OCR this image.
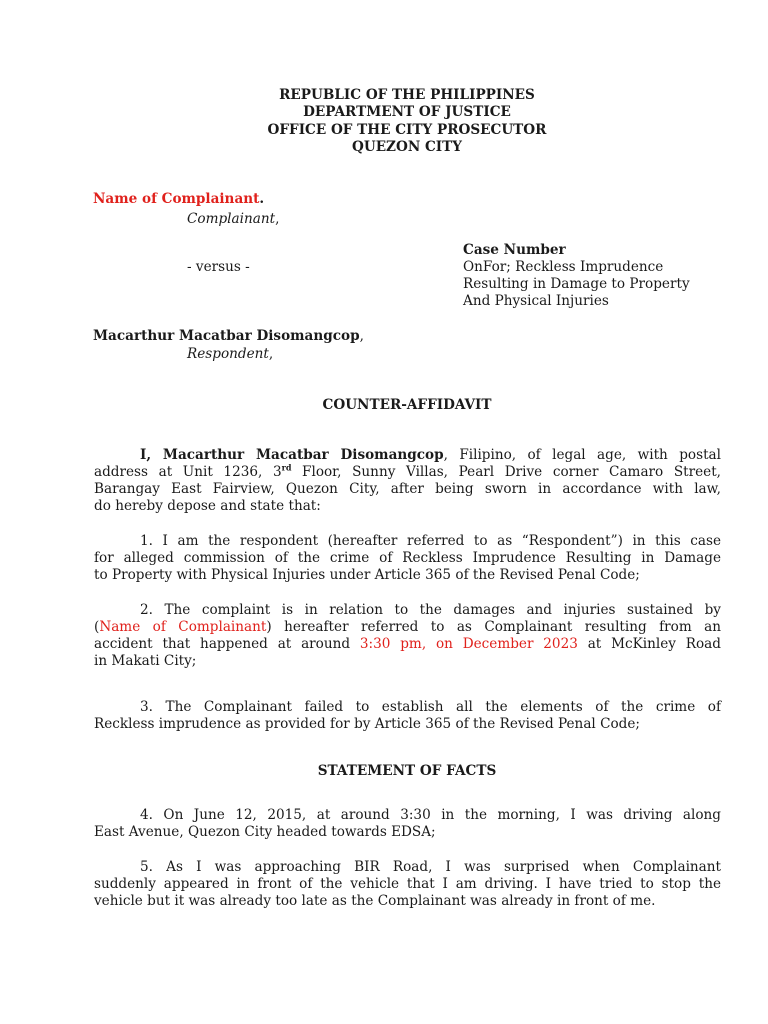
REPUBLIC OF THE PHILIPPINES
DEPARTMENT OF JUSTICE
OFFICE OF THE CITY PROSECUTOR
QUEZON CITY
Name of Complainant.
Complainant,
Case Number
- versus -	OnFor; Reckless Imprudence
Resulting in Damage to Property
And Physical Injuries
Macarthur Macatbar Disomangcop,
Respondent,
COUNTER-AFFIDAVIT
I, Macarthur Macatbar Disomangcop, Filipino, of legal age, with postal
address at Unit 1236, 3rd Floor, Sunny Villas, Pearl Drive corner Camaro Street,
Barangay East Fairview, Quezon City, after being sworn in accordance with law,
do hereby depose and state that:
1. I am the respondent (hereafter referred to as “Respondent”) in this case
for alleged commission of the crime of Reckless Imprudence Resulting in Damage
to Property with Physical Injuries under Article 365 of the Revised Penal Code;
2. The complaint is in relation to the damages and injuries sustained by
(Name of Complainant) hereafter referred to as Complainant resulting from an
accident that happened at around 3:30 pm, on December 2023 at McKinley Road
in Makati City;
3. The Complainant failed to establish all the elements of the crime of
Reckless imprudence as provided for by Article 365 of the Revised Penal Code;
STATEMENT OF FACTS
4. On June 12, 2015, at around 3:30 in the morning, I was driving along
East Avenue, Quezon City headed towards EDSA;
5. As I was approaching BIR Road, I was surprised when Complainant
suddenly appeared in front of the vehicle that I am driving. I have tried to stop the
vehicle but it was already too late as the Complainant was already in front of me.
